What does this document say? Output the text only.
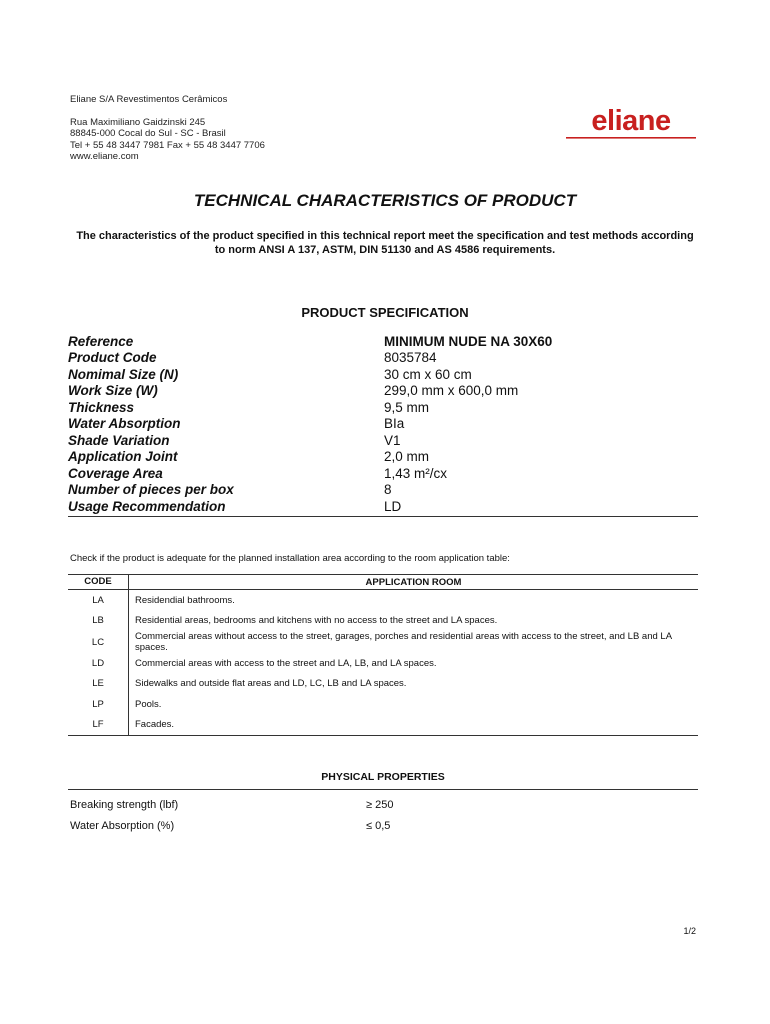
Eliane S/A Revestimentos Cerâmicos
Rua Maximiliano Gaidzinski 245
88845-000 Cocal do Sul - SC - Brasil
Tel + 55 48 3447 7981 Fax + 55 48 3447 7706
www.eliane.com
eliane
TECHNICAL CHARACTERISTICS OF PRODUCT
The characteristics of the product specified in this technical report meet the specification and test methods according to norm ANSI A 137, ASTM, DIN 51130 and AS 4586 requirements.
PRODUCT SPECIFICATION
Reference	MINIMUM NUDE NA 30X60
Product Code	8035784
Nomimal Size (N)	30 cm x 60 cm
Work Size (W)	299,0 mm x 600,0 mm
Thickness	9,5 mm
Water Absorption	BIa
Shade Variation	V1
Application Joint	2,0 mm
Coverage Area	1,43 m²/cx
Number of pieces per box	8
Usage Recommendation	LD
Check if the product is adequate for the planned installation area according to the room application table:
CODE	APPLICATION ROOM
LA	Residendial bathrooms.
LB	Residential areas, bedrooms and kitchens with no access to the street and LA spaces.
LC	Commercial areas without access to the street, garages, porches and residential areas with access to the street, and LB and LA spaces.
LD	Commercial areas with access to the street and LA, LB, and LA spaces.
LE	Sidewalks and outside flat areas and LD, LC, LB and LA spaces.
LP	Pools.
LF	Facades.
PHYSICAL PROPERTIES
Breaking strength (lbf)	≥ 250
Water Absorption (%)	≤ 0,5
1/2
